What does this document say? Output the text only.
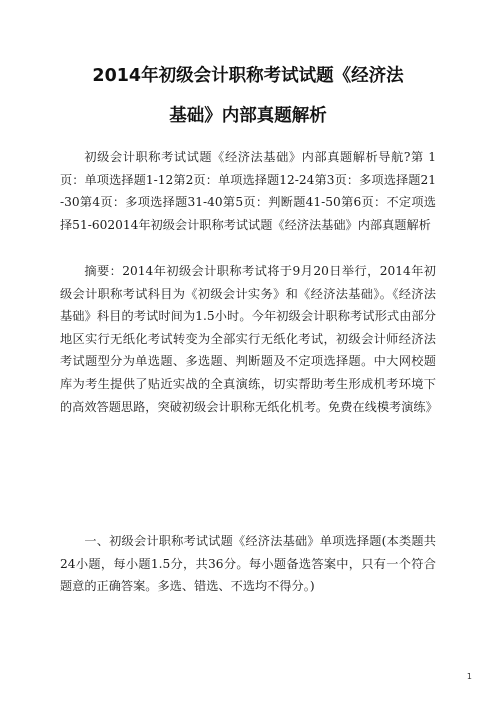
2014年初级会计职称考试试题《经济法
基础》内部真题解析

初级会计职称考试试题《经济法基础》内部真题解析导航?第 1页：单项选择题1-12第2页：单项选择题12-24第3页：多项选择题21-30第4页：多项选择题31-40第5页：判断题41-50第6页：不定项选择51-602014年初级会计职称考试试题《经济法基础》内部真题解析

摘要：2014年初级会计职称考试将于9月20日举行，2014年初级会计职称考试科目为《初级会计实务》和《经济法基础》。《经济法基础》科目的考试时间为1.5小时。今年初级会计职称考试形式由部分地区实行无纸化考试转变为全部实行无纸化考试，初级会计师经济法考试题型分为单选题、多选题、判断题及不定项选择题。中大网校题库为考生提供了贴近实战的全真演练，切实帮助考生形成机考环境下的高效答题思路，突破初级会计职称无纸化机考。免费在线模考演练》

一、初级会计职称考试试题《经济法基础》单项选择题(本类题共24小题，每小题1.5分，共36分。每小题备选答案中，只有一个符合题意的正确答案。多选、错选、不选均不得分。)

1
